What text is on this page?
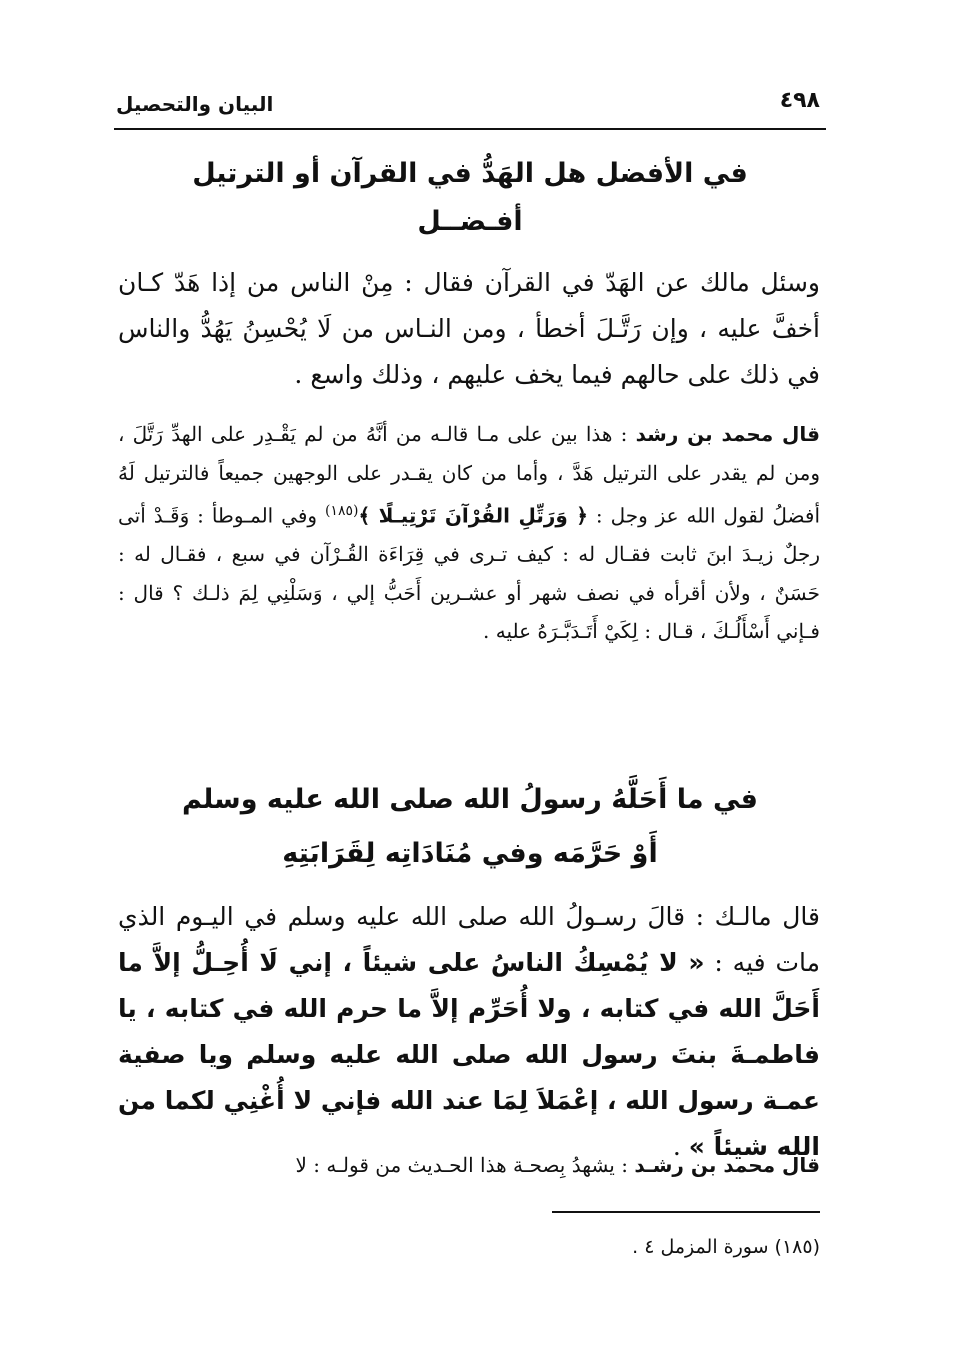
٤٩٨
البيان والتحصيل
في الأفضل هل الهَدُّ في القرآن أو الترتيل
أفـضــل

وسئل مالك عن الهَدّ في القرآن فقال : مِنْ الناس من إذا هَدّ كـان أخفَّ عليه ، وإن رَتَّـلَ أخطأ ، ومن النـاس من لَا يُحْسِنُ يَهُدُّ والناس في ذلك على حالهم فيما يخف عليهم ، وذلك واسع .

قال محمد بن رشد : هذا بين على مـا قالـه من أنَّهُ من لم يَقْـدِر على الهدِّ رَتَّلَ ، ومن لم يقدر على الترتيل هَدَّ ، وأما من كان يقـدر على الوجهين جميعاً فالترتيل لَهُ أفضلُ لقول الله عز وجل : ﴿ وَرَتِّلِ القُرْآنَ تَرْتِيـلًا ﴾$^{(١٨٥)}$ وفي المـوطأ : وَقَـدْ أتى رجلٌ زيـدَ ابنَ ثابت فقـال له : كيف تـرى في قِرَاءَة القُـرْآن في سبع ، فقـال له : حَسَنٌ ، ولأن أقرأه في نصف شهر أو عشـرين أَحَبُّ إلي ، وَسَلْنِي لِمَ ذلـك ؟ قال : فـإني أَسْأَلُـكَ ، قـال : لِكَيْ أَتَـدَبَّـرَهُ عليه .

في ما أَحَلَّهُ رسولُ الله صلى الله عليه وسلم
أَوْ حَرَّمَه وفي مُنَادَاتِه لِقَرَابَتِهِ

قال مالـك : قالَ رسـولُ الله صلى الله عليه وسلم في اليـوم الذي مات فيه : « لا يُمْسِكُ الناسُ على شيئاً ، إني لَا أُحِـلُّ إلاَّ ما أَحَلَّ الله في كتابه ، ولا أُحَرِّم إلاَّ ما حرم الله في كتابه ، يا فاطمـةَ بنتَ رسول الله صلى الله عليه وسلم ويا صفية عمـة رسول الله ، إعْمَلاَ لِمَا عند الله فإني لا أُغْنِي لكما من الله شيئاً » .

قال محمد بن رشـد : يشهدُ بِصحـة هذا الحـديث من قولـه : لا

(١٨٥) سورة المزمل ٤ .
